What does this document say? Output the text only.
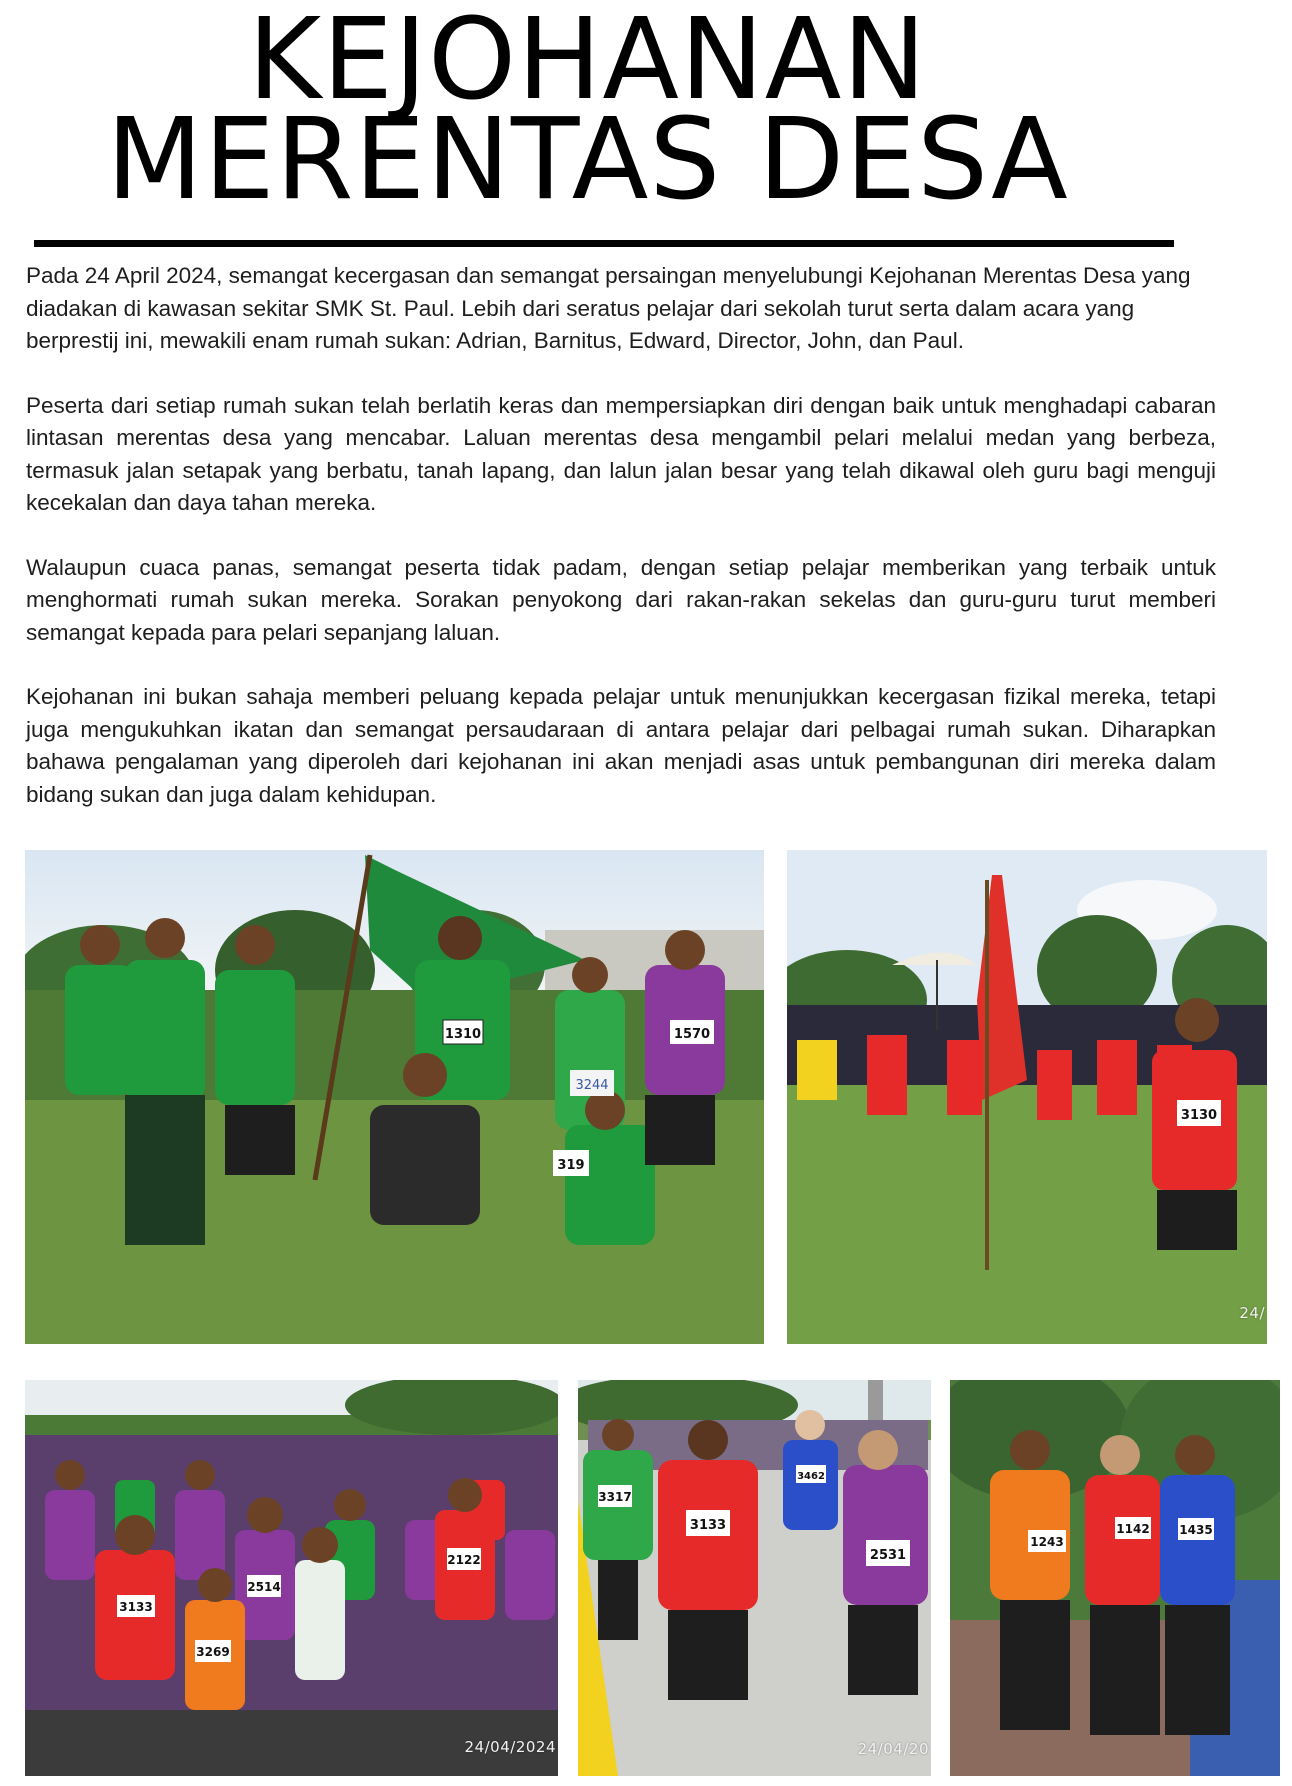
KEJOHANAN
MERENTAS DESA

Pada 24 April 2024, semangat kecergasan dan semangat persaingan menyelubungi Kejohanan Merentas Desa yang diadakan di kawasan sekitar SMK St. Paul. Lebih dari seratus pelajar dari sekolah turut serta dalam acara yang berprestij ini, mewakili enam rumah sukan: Adrian, Barnitus, Edward, Director, John, dan Paul.

Peserta dari setiap rumah sukan telah berlatih keras dan mempersiapkan diri dengan baik untuk menghadapi cabaran lintasan merentas desa yang mencabar. Laluan merentas desa mengambil pelari melalui medan yang berbeza, termasuk jalan setapak yang berbatu, tanah lapang, dan lalun jalan besar yang telah dikawal oleh guru bagi menguji kecekalan dan daya tahan mereka.

Walaupun cuaca panas, semangat peserta tidak padam, dengan setiap pelajar memberikan yang terbaik untuk menghormati rumah sukan mereka. Sorakan penyokong dari rakan-rakan sekelas dan guru-guru turut memberi semangat kepada para pelari sepanjang laluan.

Kejohanan ini bukan sahaja memberi peluang kepada pelajar untuk menunjukkan kecergasan fizikal mereka, tetapi juga mengukuhkan ikatan dan semangat persaudaraan di antara pelajar dari pelbagai rumah sukan. Diharapkan bahawa pengalaman yang diperoleh dari kejohanan ini akan menjadi asas untuk pembangunan diri mereka dalam bidang sukan dan juga dalam kehidupan.

1310	1570
3244
319
3130
24/
3133
2514
2122
3269
24/04/2024
3317
3133
3462
2531
24/04/20
1243
1142 1435
